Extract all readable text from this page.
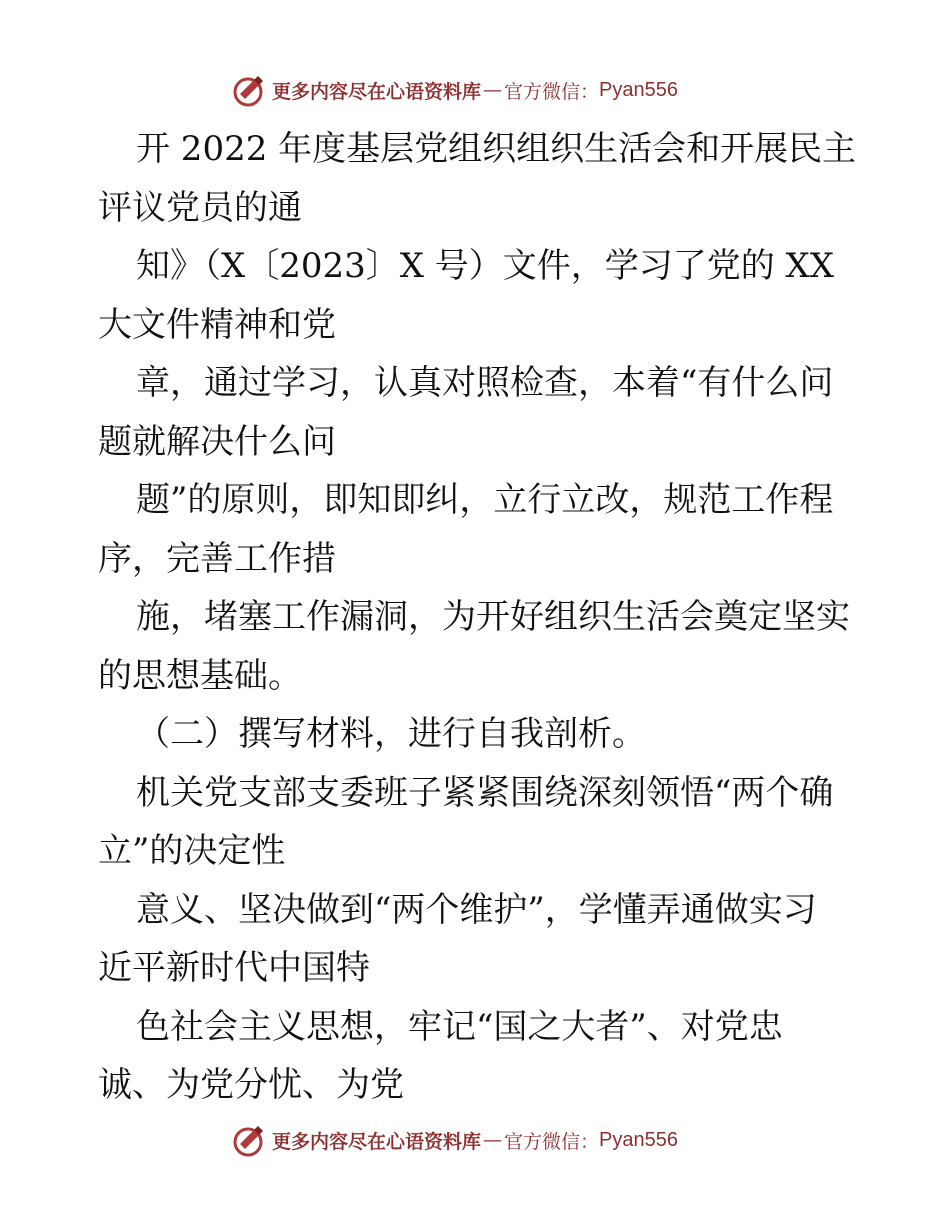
更多内容尽在心语资料库 — 官方微信： Pyan556
开 2022 年度基层党组织组织生活会和开展民主
评议党员的通
知》（X〔2023〕X 号）文件，学习了党的 XX
大文件精神和党
章，通过学习，认真对照检查，本着“有什么问
题就解决什么问
题”的原则，即知即纠，立行立改，规范工作程
序，完善工作措
施，堵塞工作漏洞，为开好组织生活会奠定坚实
的思想基础。
（二）撰写材料，进行自我剖析。
机关党支部支委班子紧紧围绕深刻领悟“两个确
立”的决定性
意义、坚决做到“两个维护”，学懂弄通做实习
近平新时代中国特
色社会主义思想，牢记“国之大者”、对党忠
诚、为党分忧、为党
更多内容尽在心语资料库 — 官方微信： Pyan556
